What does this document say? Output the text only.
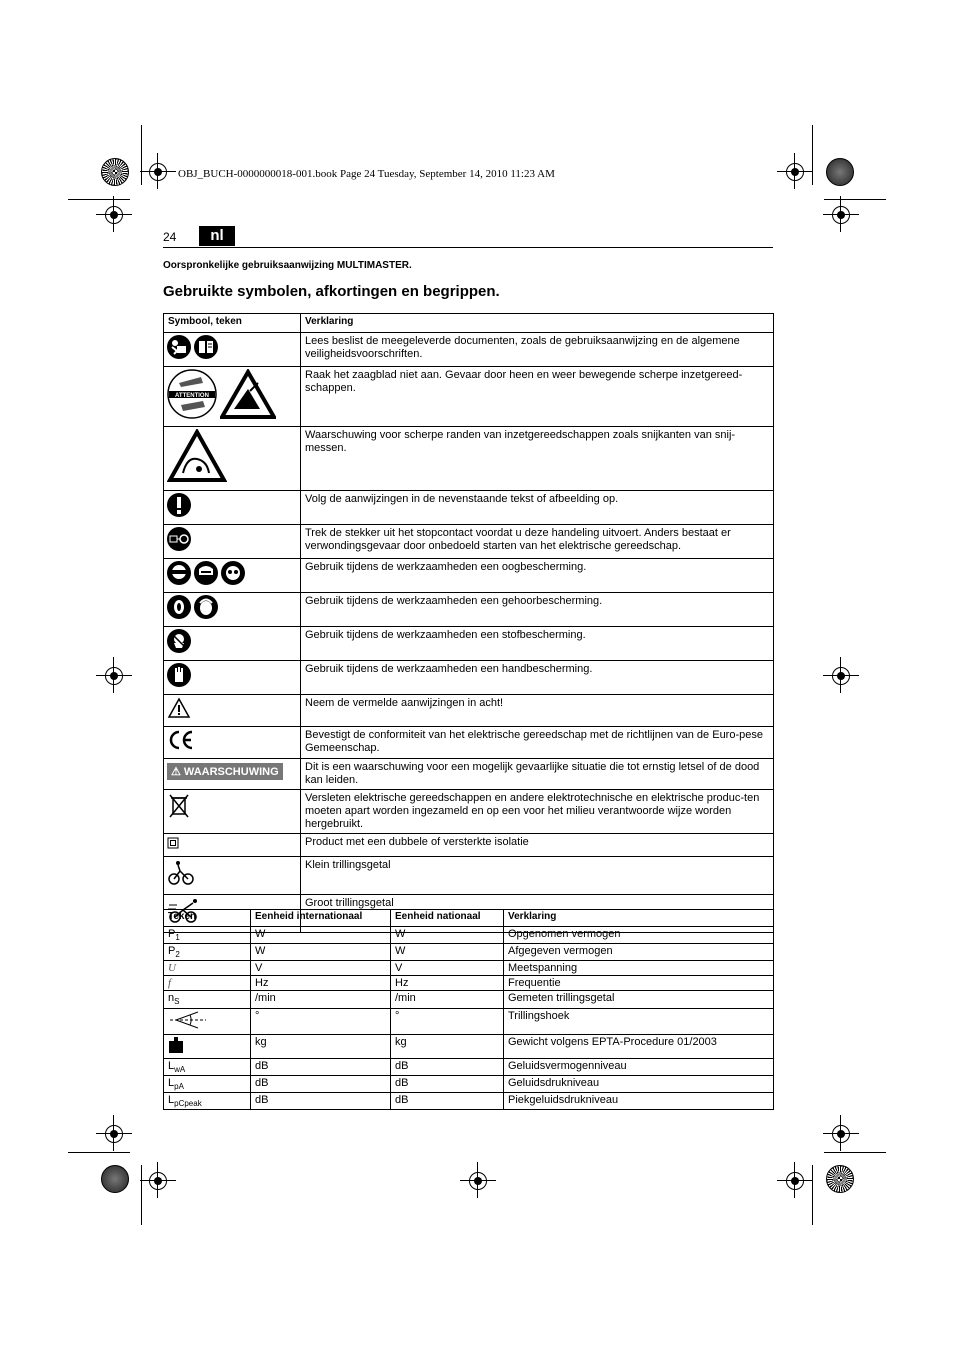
OBJ_BUCH-0000000018-001.book Page 24 Tuesday, September 14, 2010 11:23 AM
24	nl
Oorspronkelijke gebruiksaanwijzing MULTIMASTER.
Gebruikte symbolen, afkortingen en begrippen.
Symbool, teken	Verklaring
	Lees beslist de meegeleverde documenten, zoals de gebruiksaanwijzing en de algemene veiligheidsvoorschriften.

ATTENTION	Raak het zaagblad niet aan. Gevaar door heen en weer bewegende scherpe inzetgereed-schappen.
	Waarschuwing voor scherpe randen van inzetgereedschappen zoals snijkanten van snij-messen.
	Volg de aanwijzingen in de nevenstaande tekst of afbeelding op.
	Trek de stekker uit het stopcontact voordat u deze handeling uitvoert. Anders bestaat er verwondingsgevaar door onbedoeld starten van het elektrische gereedschap.
	Gebruik tijdens de werkzaamheden een oogbescherming.
	Gebruik tijdens de werkzaamheden een gehoorbescherming.
	Gebruik tijdens de werkzaamheden een stofbescherming.
	Gebruik tijdens de werkzaamheden een handbescherming.
	Neem de vermelde aanwijzingen in acht!
	Bevestigt de conformiteit van het elektrische gereedschap met de richtlijnen van de Euro-pese Gemeenschap.
⚠ WAARSCHUWING	Dit is een waarschuwing voor een mogelijk gevaarlijke situatie die tot ernstig letsel of de dood kan leiden.
	Versleten elektrische gereedschappen en andere elektrotechnische en elektrische produc-ten moeten apart worden ingezameld en op een voor het milieu verantwoorde wijze worden hergebruikt.
	Product met een dubbele of versterkte isolatie
	Klein trillingsgetal
	Groot trillingsgetal
Teken	Eenheid internationaal	Eenheid nationaal	Verklaring
$P_1$	W	W	Opgenomen vermogen
$P_2$	W	W	Afgegeven vermogen
U	V	V	Meetspanning
f	Hz	Hz	Frequentie
$n_S$	/min	/min	Gemeten trillingsgetal
	°	°	Trillingshoek
	kg	kg	Gewicht volgens EPTA-Procedure 01/2003
$L_{wA}$	dB	dB	Geluidsvermogenniveau
$L_{pA}$	dB	dB	Geluidsdrukniveau
$L_{pCpeak}$	dB	dB	Piekgeluidsdrukniveau
